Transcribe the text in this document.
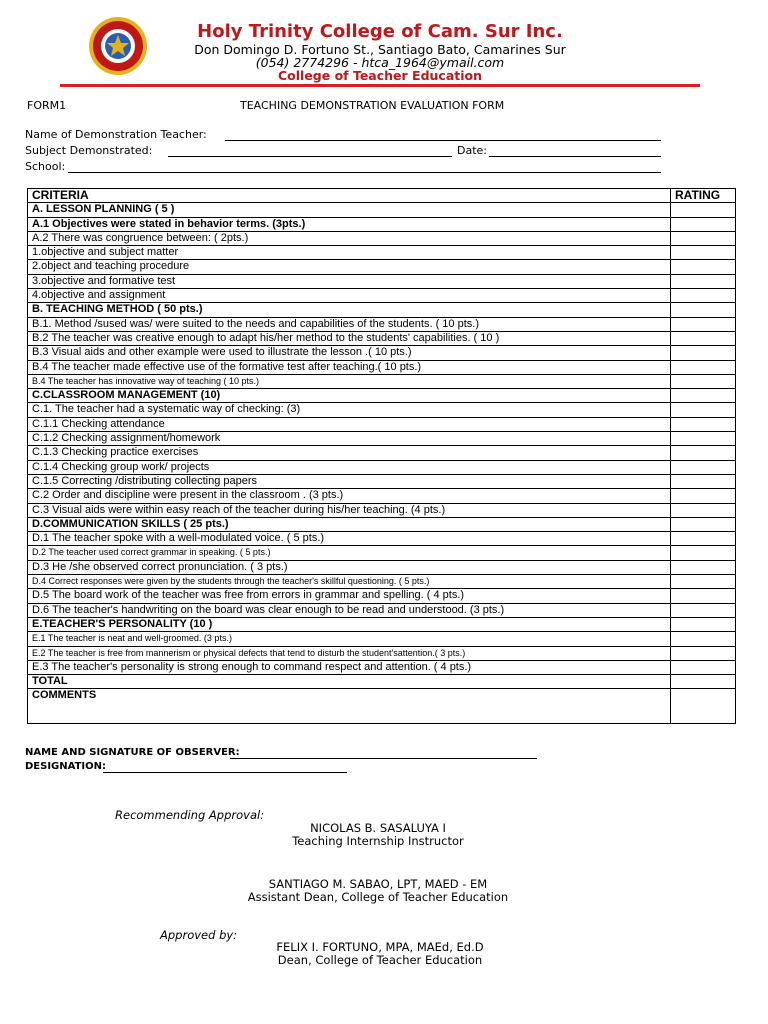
Holy Trinity College of Cam. Sur Inc.
Don Domingo D. Fortuno St., Santiago Bato, Camarines Sur
(054) 2774296 - htca_1964@ymail.com
College of Teacher Education
FORM1	TEACHING DEMONSTRATION EVALUATION FORM
Name of Demonstration Teacher:
Subject Demonstrated:	Date:
School:
CRITERIA	RATING
A. LESSON PLANNING ( 5 )	
A.1 Objectives were stated in behavior terms. (3pts.)	
A.2 There was congruence between: ( 2pts.)	
1.objective and subject matter	
2.object and teaching procedure	
3.objective and formative test	
4.objective and assignment	
B. TEACHING METHOD ( 50 pts.)	
B.1. Method /sused was/ were suited to the needs and capabilities of the students. ( 10 pts.)	
B.2 The teacher was creative enough to adapt his/her method to the students' capabilities. ( 10 )	
B.3 Visual aids and other example were used to illustrate the lesson .( 10 pts.)	
B.4 The teacher made effective use of the formative test after teaching.( 10 pts.)	
B.4 The teacher has innovative way of teaching ( 10 pts.)	
C.CLASSROOM MANAGEMENT (10)	
C.1. The teacher had a systematic way of checking: (3)	
C.1.1 Checking attendance	
C.1.2 Checking assignment/homework	
C.1.3 Checking practice exercises	
C.1.4 Checking group work/ projects	
C.1.5 Correcting /distributing collecting papers	
C.2 Order and discipline were present in the classroom . (3 pts.)	
C.3 Visual aids were within easy reach of the teacher during his/her teaching. (4 pts.)	
D.COMMUNICATION SKILLS ( 25 pts.)	
D.1 The teacher spoke with a well-modulated voice. ( 5 pts.)	
D.2 The teacher used correct grammar in speaking. ( 5 pts.)	
D.3 He /she observed correct pronunciation. ( 3 pts.)	
D.4 Correct responses were given by the students through the teacher's skillful questioning. ( 5 pts.)	
D.5 The board work of the teacher was free from errors in grammar and spelling. ( 4 pts.)	
D.6 The teacher's handwriting on the board was clear enough to be read and understood. (3 pts.)	
E.TEACHER'S PERSONALITY (10 )	
E.1 The teacher is neat and well-groomed. (3 pts.)	
E.2 The teacher is free from mannerism or physical defects that tend to disturb the student'sattention.( 3 pts.)	
E.3 The teacher's personality is strong enough to command respect and attention. ( 4 pts.)	
TOTAL	
COMMENTS	
NAME AND SIGNATURE OF OBSERVER:
DESIGNATION:
Recommending Approval:
NICOLAS B. SASALUYA I
Teaching Internship Instructor
SANTIAGO M. SABAO, LPT, MAED - EM
Assistant Dean, College of Teacher Education
Approved by:
FELIX I. FORTUNO, MPA, MAEd, Ed.D
Dean, College of Teacher Education
